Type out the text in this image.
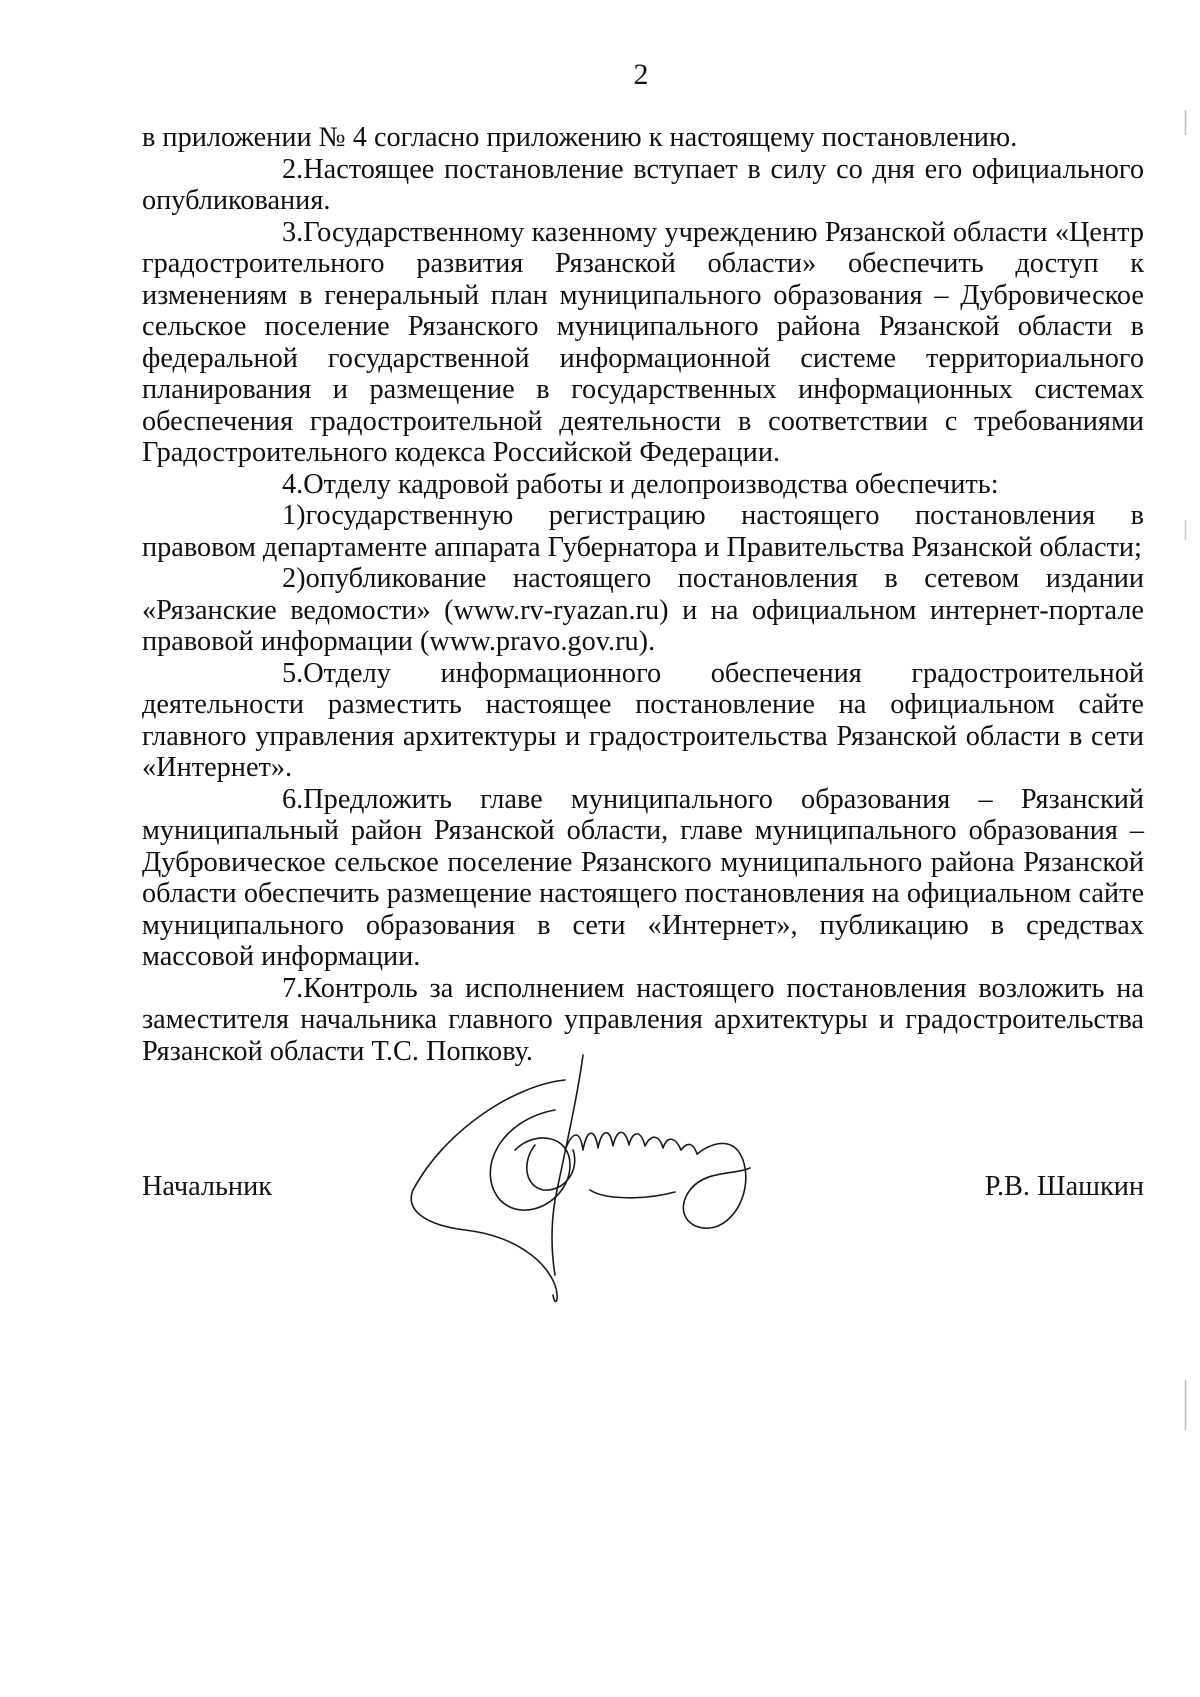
2

в приложении № 4 согласно приложению к настоящему постановлению.

2.Настоящее постановление вступает в силу со дня его официального опубликования.

3.Государственному казенному учреждению Рязанской области «Центр градостроительного развития Рязанской области» обеспечить доступ к изменениям в генеральный план муниципального образования – Дубровическое сельское поселение Рязанского муниципального района Рязанской области в федеральной государственной информационной системе территориального планирования и размещение в государственных информационных системах обеспечения градостроительной деятельности в соответствии с требованиями Градостроительного кодекса Российской Федерации.

4.Отделу кадровой работы и делопроизводства обеспечить:

1)государственную регистрацию настоящего постановления в правовом департаменте аппарата Губернатора и Правительства Рязанской области;

2)опубликование настоящего постановления в сетевом издании «Рязанские ведомости» (www.rv-ryazan.ru) и на официальном интернет-портале правовой информации (www.pravo.gov.ru).

5.Отделу информационного обеспечения градостроительной деятельности разместить настоящее постановление на официальном сайте главного управления архитектуры и градостроительства Рязанской области в сети «Интернет».

6.Предложить главе муниципального образования – Рязанский муниципальный район Рязанской области, главе муниципального образования – Дубровическое сельское поселение Рязанского муниципального района Рязанской области обеспечить размещение настоящего постановления на официальном сайте муниципального образования в сети «Интернет», публикацию в средствах массовой информации.

7.Контроль за исполнением настоящего постановления возложить на заместителя начальника главного управления архитектуры и градостроительства Рязанской области Т.С. Попкову.

Начальник	Р.В. Шашкин
